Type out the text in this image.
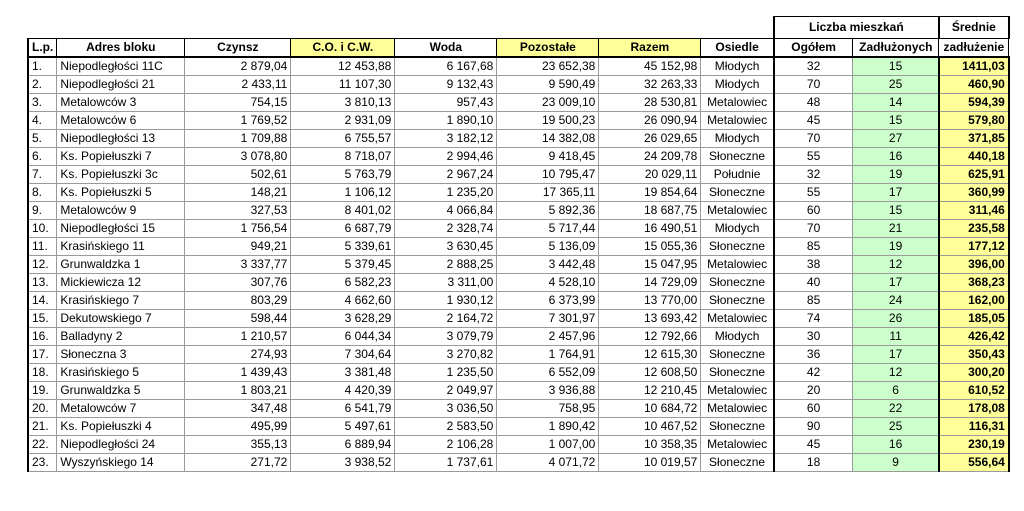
								Liczba mieszkań		Średnie
L.p.	Adres bloku	Czynsz	C.O. i C.W.	Woda	Pozostałe	Razem	Osiedle	Ogółem	Zadłużonych	zadłużenie
1.	Niepodległości 11C	2 879,04	12 453,88	6 167,68	23 652,38	45 152,98	Młodych	32	15	1411,03
2.	Niepodległości 21	2 433,11	11 107,30	9 132,43	9 590,49	32 263,33	Młodych	70	25	460,90
3.	Metalowców 3	754,15	3 810,13	957,43	23 009,10	28 530,81	Metalowiec	48	14	594,39
4.	Metalowców 6	1 769,52	2 931,09	1 890,10	19 500,23	26 090,94	Metalowiec	45	15	579,80
5.	Niepodległości 13	1 709,88	6 755,57	3 182,12	14 382,08	26 029,65	Młodych	70	27	371,85
6.	Ks. Popiełuszki 7	3 078,80	8 718,07	2 994,46	9 418,45	24 209,78	Słoneczne	55	16	440,18
7.	Ks. Popiełuszki 3c	502,61	5 763,79	2 967,24	10 795,47	20 029,11	Południe	32	19	625,91
8.	Ks. Popiełuszki 5	148,21	1 106,12	1 235,20	17 365,11	19 854,64	Słoneczne	55	17	360,99
9.	Metalowców 9	327,53	8 401,02	4 066,84	5 892,36	18 687,75	Metalowiec	60	15	311,46
10.	Niepodległości 15	1 756,54	6 687,79	2 328,74	5 717,44	16 490,51	Młodych	70	21	235,58
11.	Krasińskiego 11	949,21	5 339,61	3 630,45	5 136,09	15 055,36	Słoneczne	85	19	177,12
12.	Grunwaldzka 1	3 337,77	5 379,45	2 888,25	3 442,48	15 047,95	Metalowiec	38	12	396,00
13.	Mickiewicza 12	307,76	6 582,23	3 311,00	4 528,10	14 729,09	Słoneczne	40	17	368,23
14.	Krasińskiego 7	803,29	4 662,60	1 930,12	6 373,99	13 770,00	Słoneczne	85	24	162,00
15.	Dekutowskiego 7	598,44	3 628,29	2 164,72	7 301,97	13 693,42	Metalowiec	74	26	185,05
16.	Balladyny 2	1 210,57	6 044,34	3 079,79	2 457,96	12 792,66	Młodych	30	11	426,42
17.	Słoneczna 3	274,93	7 304,64	3 270,82	1 764,91	12 615,30	Słoneczne	36	17	350,43
18.	Krasińskiego 5	1 439,43	3 381,48	1 235,50	6 552,09	12 608,50	Słoneczne	42	12	300,20
19.	Grunwaldzka 5	1 803,21	4 420,39	2 049,97	3 936,88	12 210,45	Metalowiec	20	6	610,52
20.	Metalowców 7	347,48	6 541,79	3 036,50	758,95	10 684,72	Metalowiec	60	22	178,08
21.	Ks. Popiełuszki 4	495,99	5 497,61	2 583,50	1 890,42	10 467,52	Słoneczne	90	25	116,31
22.	Niepodległości 24	355,13	6 889,94	2 106,28	1 007,00	10 358,35	Metalowiec	45	16	230,19
23.	Wyszyńskiego 14	271,72	3 938,52	1 737,61	4 071,72	10 019,57	Słoneczne	18	9	556,64
